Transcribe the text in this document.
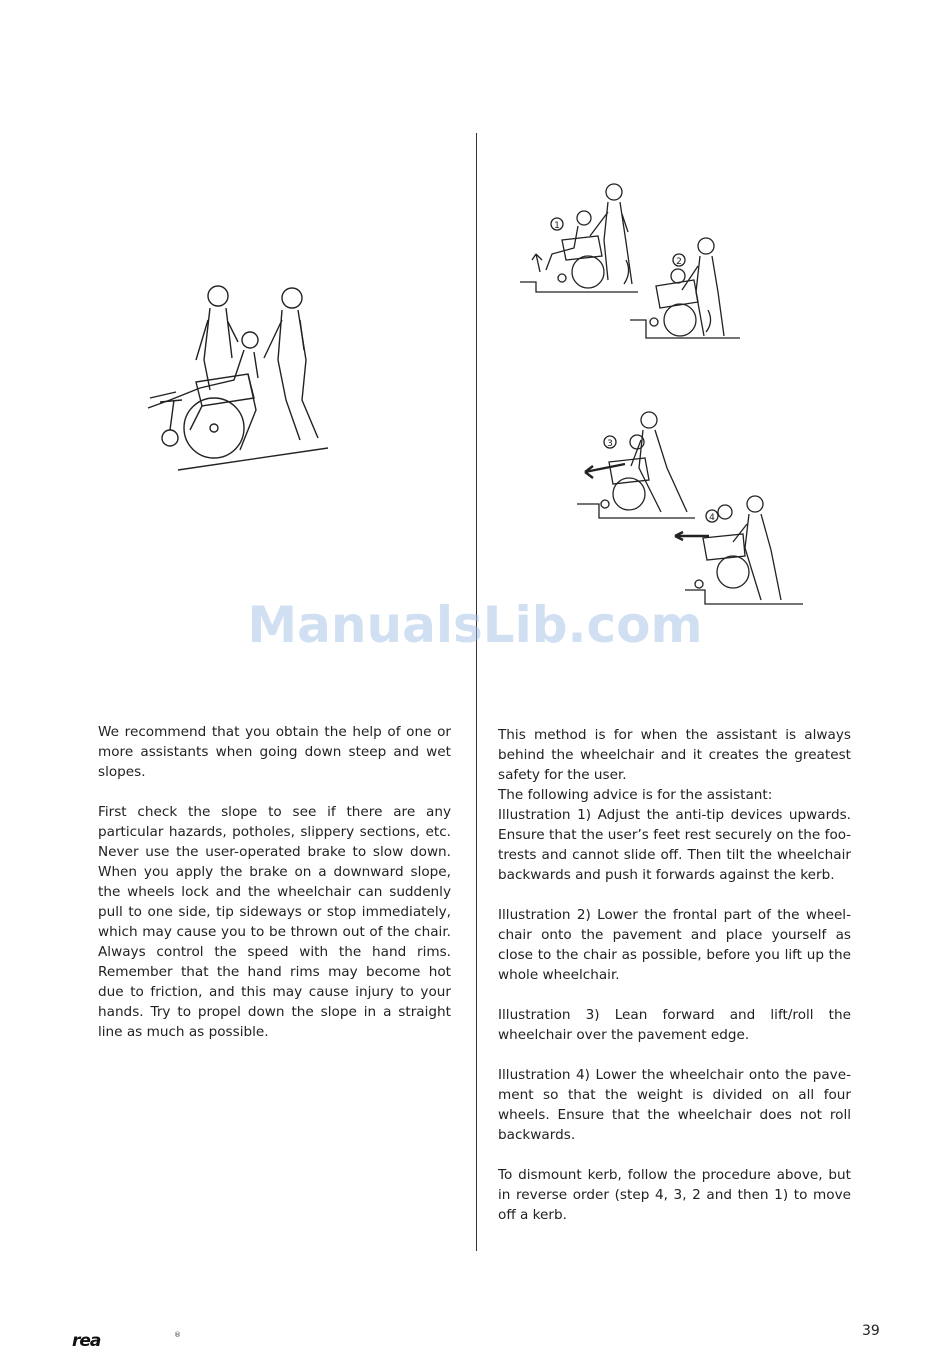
1
2
3
4
ManualsLib.com

We recommend that you obtain the help of one or more assistants when going down steep and wet slopes.

First check the slope to see if there are any particular hazards, potholes, slippery sections, etc. Never use the user-operated brake to slow down. When you apply the brake on a downward slope, the wheels lock and the wheelchair can suddenly pull to one side, tip sideways or stop immediately, which may cause you to be thrown out of the chair. Always control the speed with the hand rims. Remember that the hand rims may become hot due to friction, and this may cause injury to your hands. Try to propel down the slope in a straight line as much as possible.

This method is for when the assistant is always behind the wheelchair and it creates the greatest safety for the user.

The following advice is for the assistant:

Illustration 1) Adjust the anti-tip devices upwards. Ensure that the user’s feet rest securely on the footrests and cannot slide off. Then tilt the wheelchair backwards and push it forwards against the kerb.

Illustration 2) Lower the frontal part of the wheelchair onto the pavement and place yourself as close to the chair as possible, before you lift up the whole wheelchair.

Illustration 3) Lean forward and lift/roll the wheelchair over the pavement edge.

Illustration 4) Lower the wheelchair onto the pavement so that the weight is divided on all four wheels. Ensure that the wheelchair does not roll backwards.

To dismount kerb, follow the procedure above, but in reverse order (step 4, 3, 2 and then 1) to move off a kerb.

rea	®	39
